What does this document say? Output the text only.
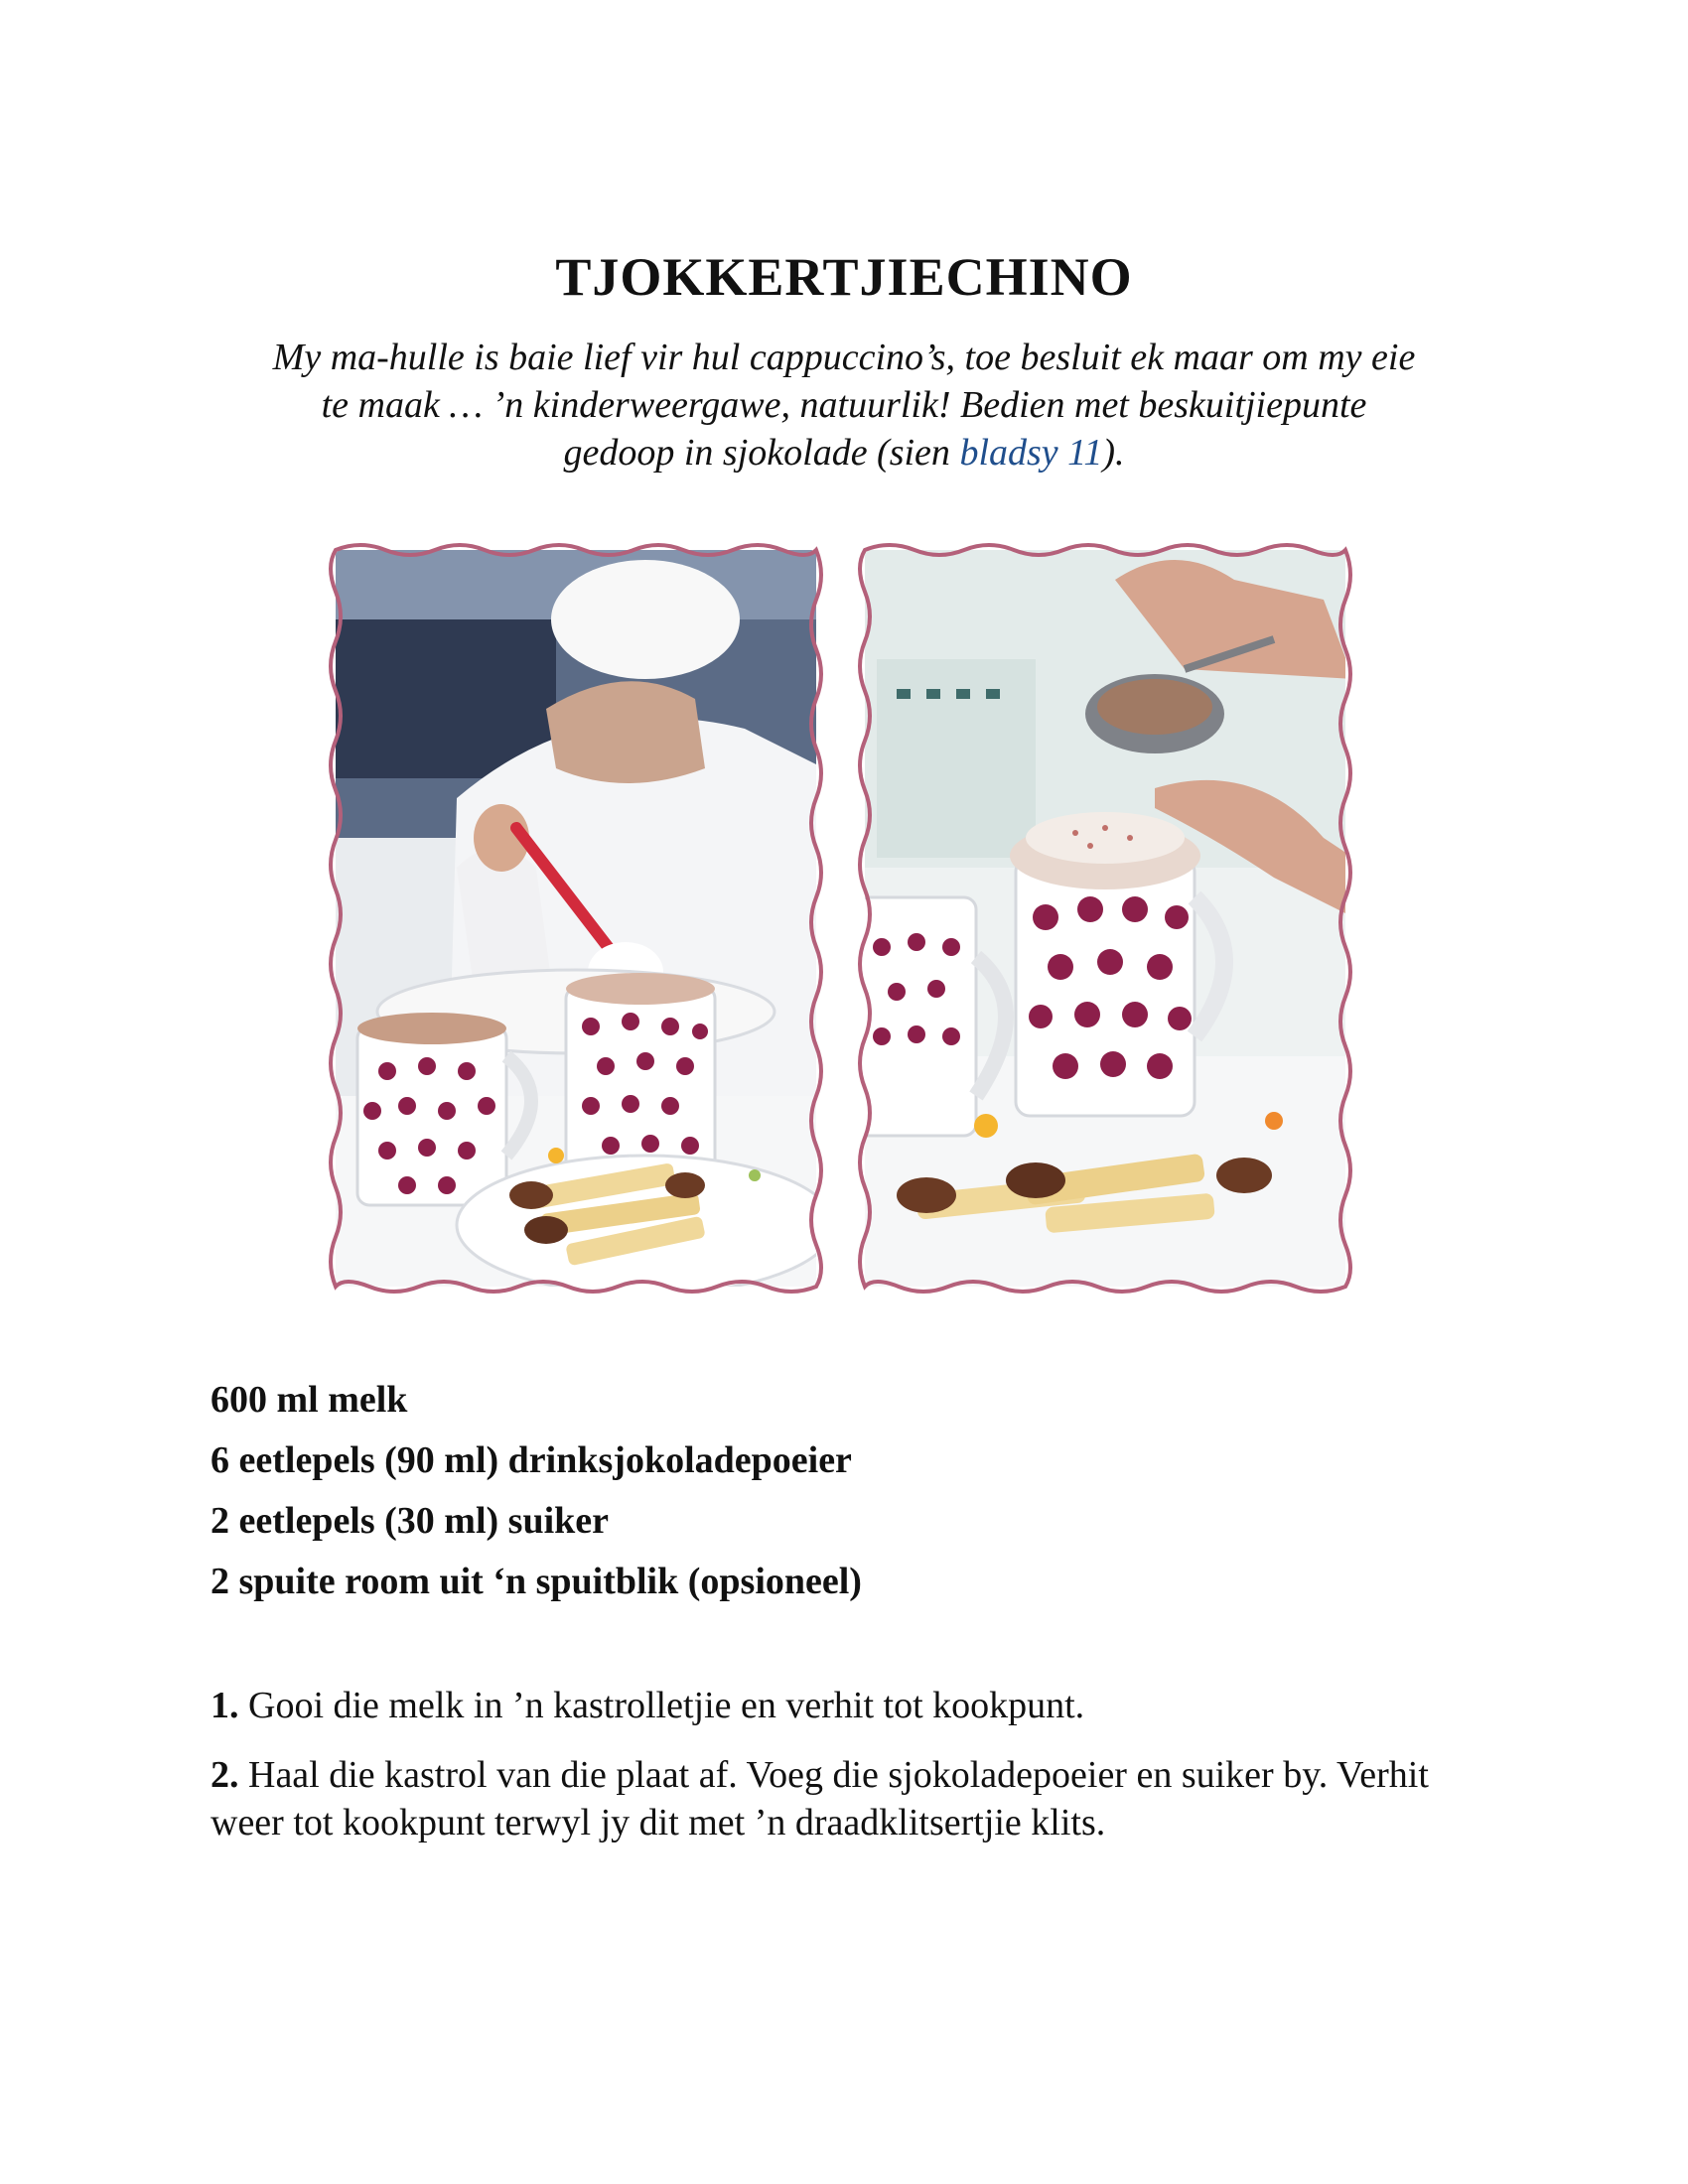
TJOKKERTJIECHINO
My ma-hulle is baie lief vir hul cappuccino’s, toe besluit ek maar om my eie
te maak … ’n kinderweergawe, natuurlik! Bedien met beskuitjiepunte
gedoop in sjokolade (sien bladsy 11).
600 ml melk
6 eetlepels (90 ml) drinksjokoladepoeier
2 eetlepels (30 ml) suiker
2 spuite room uit ‘n spuitblik (opsioneel)
1. Gooi die melk in ’n kastrolletjie en verhit tot kookpunt.
2. Haal die kastrol van die plaat af. Voeg die sjokoladepoeier en suiker by. Verhit weer tot kookpunt terwyl jy dit met ’n draadklitsertjie klits.
